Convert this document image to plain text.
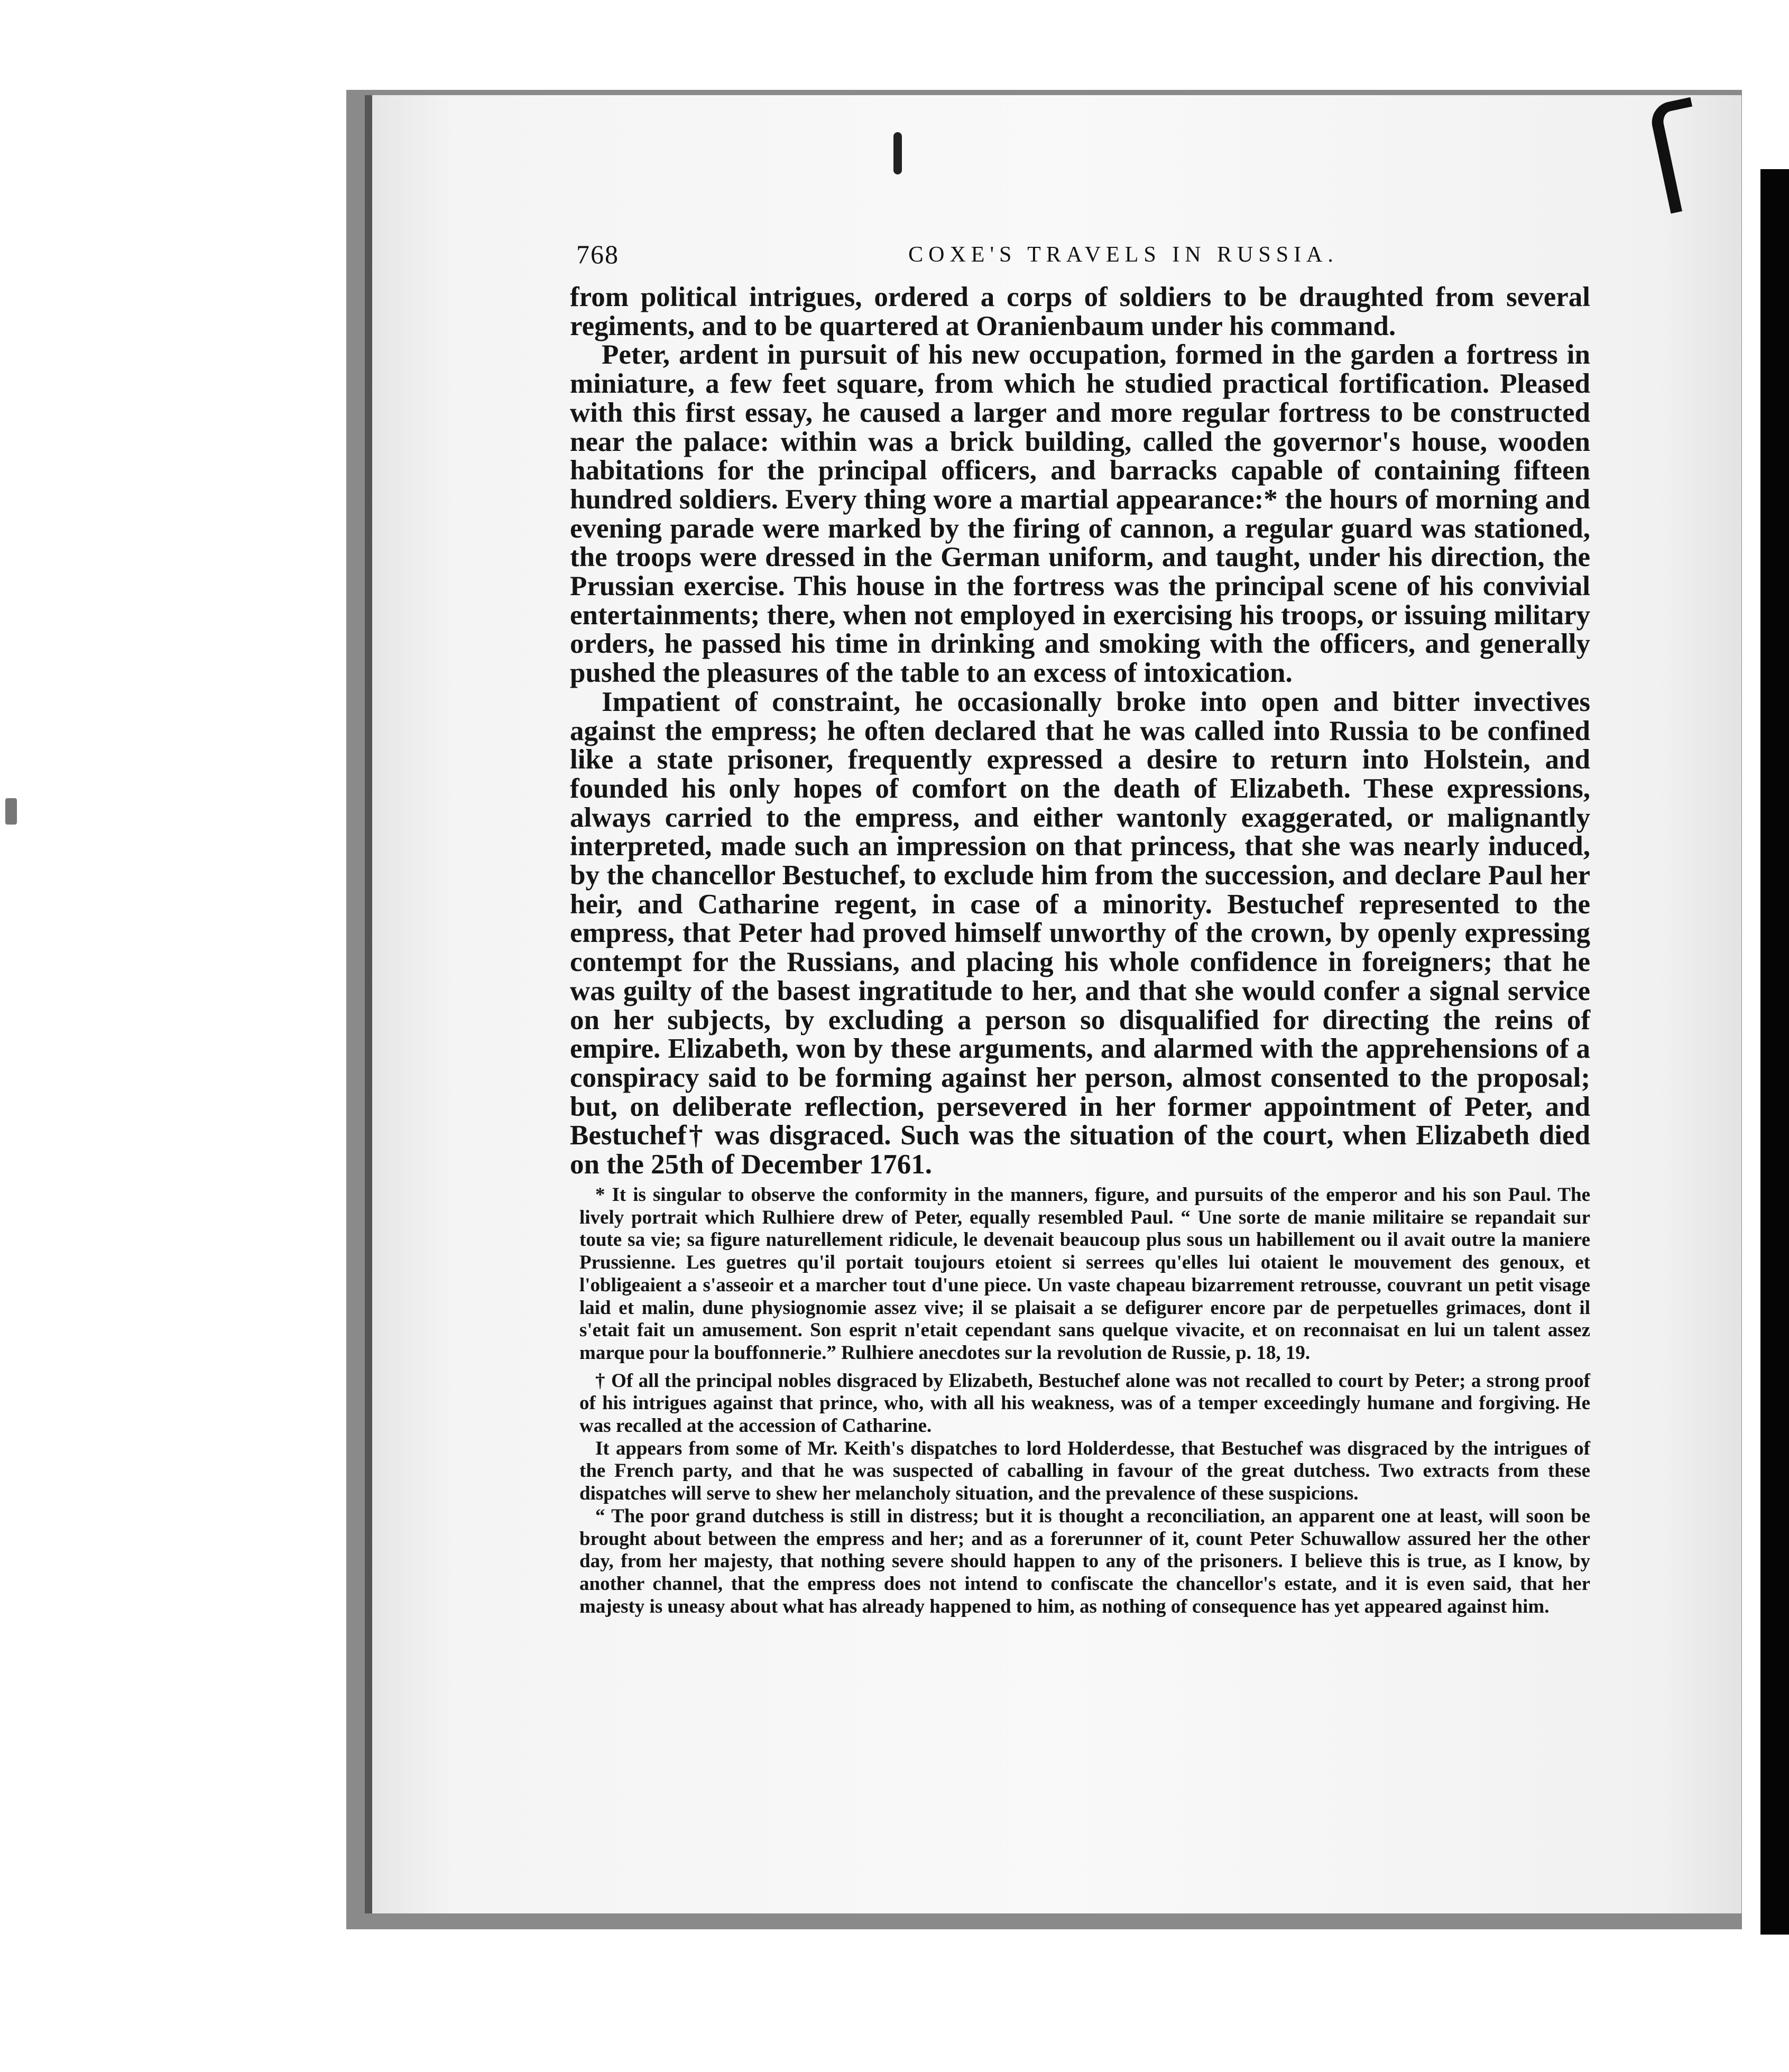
768	COXE'S TRAVELS IN RUSSIA.

from political intrigues, ordered a corps of soldiers to be draughted from several regiments, and to be quartered at Oranienbaum under his command.

Peter, ardent in pursuit of his new occupation, formed in the garden a fortress in miniature, a few feet square, from which he studied practical fortification. Pleased with this first essay, he caused a larger and more regular fortress to be constructed near the palace: within was a brick building, called the governor's house, wooden habitations for the principal officers, and barracks capable of containing fifteen hundred soldiers. Every thing wore a martial appearance:* the hours of morning and evening parade were marked by the firing of cannon, a regular guard was stationed, the troops were dressed in the German uniform, and taught, under his direction, the Prussian exercise. This house in the fortress was the principal scene of his convivial entertainments; there, when not employed in exercising his troops, or issuing military orders, he passed his time in drinking and smoking with the officers, and generally pushed the pleasures of the table to an excess of intoxication.

Impatient of constraint, he occasionally broke into open and bitter invectives against the empress; he often declared that he was called into Russia to be confined like a state prisoner, frequently expressed a desire to return into Holstein, and founded his only hopes of comfort on the death of Elizabeth. These expressions, always carried to the empress, and either wantonly exaggerated, or malignantly interpreted, made such an impression on that princess, that she was nearly induced, by the chancellor Bestuchef, to exclude him from the succession, and declare Paul her heir, and Catharine regent, in case of a minority. Bestuchef represented to the empress, that Peter had proved himself unworthy of the crown, by openly expressing contempt for the Russians, and placing his whole confidence in foreigners; that he was guilty of the basest ingratitude to her, and that she would confer a signal service on her subjects, by excluding a person so disqualified for directing the reins of empire. Elizabeth, won by these arguments, and alarmed with the apprehensions of a conspiracy said to be forming against her person, almost consented to the proposal; but, on deliberate reflection, persevered in her former appointment of Peter, and Bestuchef† was disgraced. Such was the situation of the court, when Elizabeth died on the 25th of December 1761.

* It is singular to observe the conformity in the manners, figure, and pursuits of the emperor and his son Paul. The lively portrait which Rulhiere drew of Peter, equally resembled Paul. “ Une sorte de manie militaire se repandait sur toute sa vie; sa figure naturellement ridicule, le devenait beaucoup plus sous un habillement ou il avait outre la maniere Prussienne. Les guetres qu'il portait toujours etoient si serrees qu'elles lui otaient le mouvement des genoux, et l'obligeaient a s'asseoir et a marcher tout d'une piece. Un vaste chapeau bizarrement retrousse, couvrant un petit visage laid et malin, dune physiognomie assez vive; il se plaisait a se defigurer encore par de perpetuelles grimaces, dont il s'etait fait un amusement. Son esprit n'etait cependant sans quelque vivacite, et on reconnaisat en lui un talent assez marque pour la bouffonnerie.” Rulhiere anecdotes sur la revolution de Russie, p. 18, 19.

† Of all the principal nobles disgraced by Elizabeth, Bestuchef alone was not recalled to court by Peter; a strong proof of his intrigues against that prince, who, with all his weakness, was of a temper exceedingly humane and forgiving. He was recalled at the accession of Catharine.

It appears from some of Mr. Keith's dispatches to lord Holderdesse, that Bestuchef was disgraced by the intrigues of the French party, and that he was suspected of caballing in favour of the great dutchess. Two extracts from these dispatches will serve to shew her melancholy situation, and the prevalence of these suspicions.

“ The poor grand dutchess is still in distress; but it is thought a reconciliation, an apparent one at least, will soon be brought about between the empress and her; and as a forerunner of it, count Peter Schuwallow assured her the other day, from her majesty, that nothing severe should happen to any of the prisoners. I believe this is true, as I know, by another channel, that the empress does not intend to confiscate the chancellor's estate, and it is even said, that her majesty is uneasy about what has already happened to him, as nothing of consequence has yet appeared against him.
